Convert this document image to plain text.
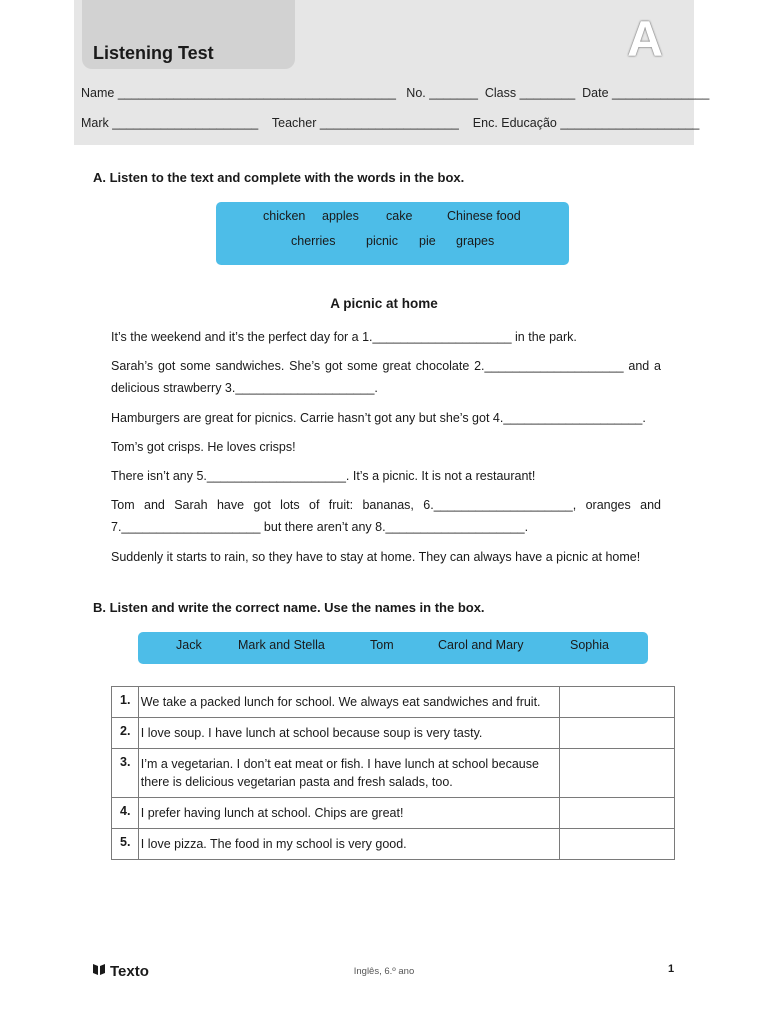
Listening Test	A
Name ________________________________________   No. _______  Class ________  Date ______________
Mark _____________________    Teacher ____________________    Enc. Educação ____________________
A. Listen to the text and complete with the words in the box.
chicken apples cake	Chinese food
cherries picnic pie grapes
A picnic at home
It’s the weekend and it’s the perfect day for a 1.____________________ in the park.
Sarah’s got some sandwiches. She’s got some great chocolate 2.____________________ and a delicious strawberry 3.____________________.
Hamburgers are great for picnics. Carrie hasn’t got any but she’s got 4.____________________.
Tom’s got crisps. He loves crisps!
There isn’t any 5.____________________. It’s a picnic. It is not a restaurant!
Tom and Sarah have got lots of fruit: bananas, 6.____________________, oranges and 7.____________________ but there aren’t any 8.____________________.
Suddenly it starts to rain, so they have to stay at home. They can always have a picnic at home!
B. Listen and write the correct name. Use the names in the box.
Jack	Mark and Stella	Tom	Carol and Mary	Sophia
1.	We take a packed lunch for school. We always eat sandwiches and fruit.	
2.	I love soup. I have lunch at school because soup is very tasty.	
3.	I’m a vegetarian. I don’t eat meat or fish. I have lunch at school because there is delicious vegetarian pasta and fresh salads, too.	
4.	I prefer having lunch at school. Chips are great!	
5.	I love pizza. The food in my school is very good.	
Texto	Inglês, 6.º ano	1
